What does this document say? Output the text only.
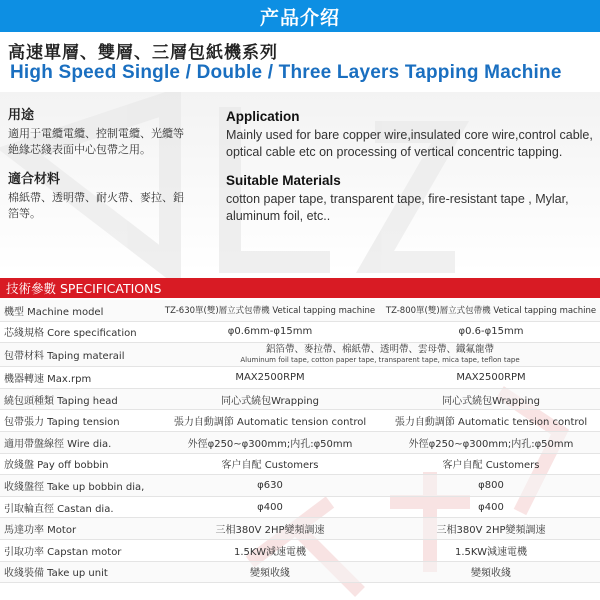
产品介绍
高速單層、雙層、三層包紙機系列
High Speed Single / Double / Three Layers Tapping Machine
用途
適用于電纜電纜、控制電纜、光纜等
絶緣芯綫表面中心包帶之用。
Application
Mainly used for bare copper wire,insulated core wire,control cable,
optical cable etc on processing of vertical concentric tapping.
適合材料
棉紙帶、透明帶、耐火帶、麥拉、鋁
箔等。
Suitable Materials
cotton paper tape, transparent tape, fire-resistant tape , Mylar,
aluminum foil, etc..
技術參數 SPECIFICATIONS
機型 Machine model	TZ-630單(雙)層立式包帶機 Vetical tapping machine	TZ-800單(雙)層立式包帶機 Vetical tapping machine
芯綫規格 Core specification	φ0.6mm-φ15mm	φ0.6-φ15mm
包帶材料 Taping materail
鋁箔帶、麥拉帶、棉紙帶、透明帶、雲母帶、鐵氟龍帶
Aluminum foil tape, cotton paper tape, transparent tape, mica tape, teflon tape
機器轉速 Max.rpm	MAX2500RPM	MAX2500RPM
繞包頭種類 Taping head	同心式繞包Wrapping	同心式繞包Wrapping
包帶張力 Taping tension	張力自動調節 Automatic tension control	張力自動調節 Automatic tension control
適用帶盤線徑 Wire dia.	外徑φ250~φ300mm;内孔:φ50mm	外徑φ250~φ300mm;内孔:φ50mm
放綫盤 Pay off bobbin	客户自配 Customers	客户自配 Customers
收綫盤徑 Take up bobbin dia,	φ630	φ800
引取輪直徑 Castan dia.	φ400	φ400
馬達功率 Motor	三相380V 2HP變頻調速	三相380V 2HP變頻調速
引取功率 Capstan motor	1.5KW減速電機	1.5KW減速電機
收綫裝備 Take up unit	變頻收綫	變頻收綫
